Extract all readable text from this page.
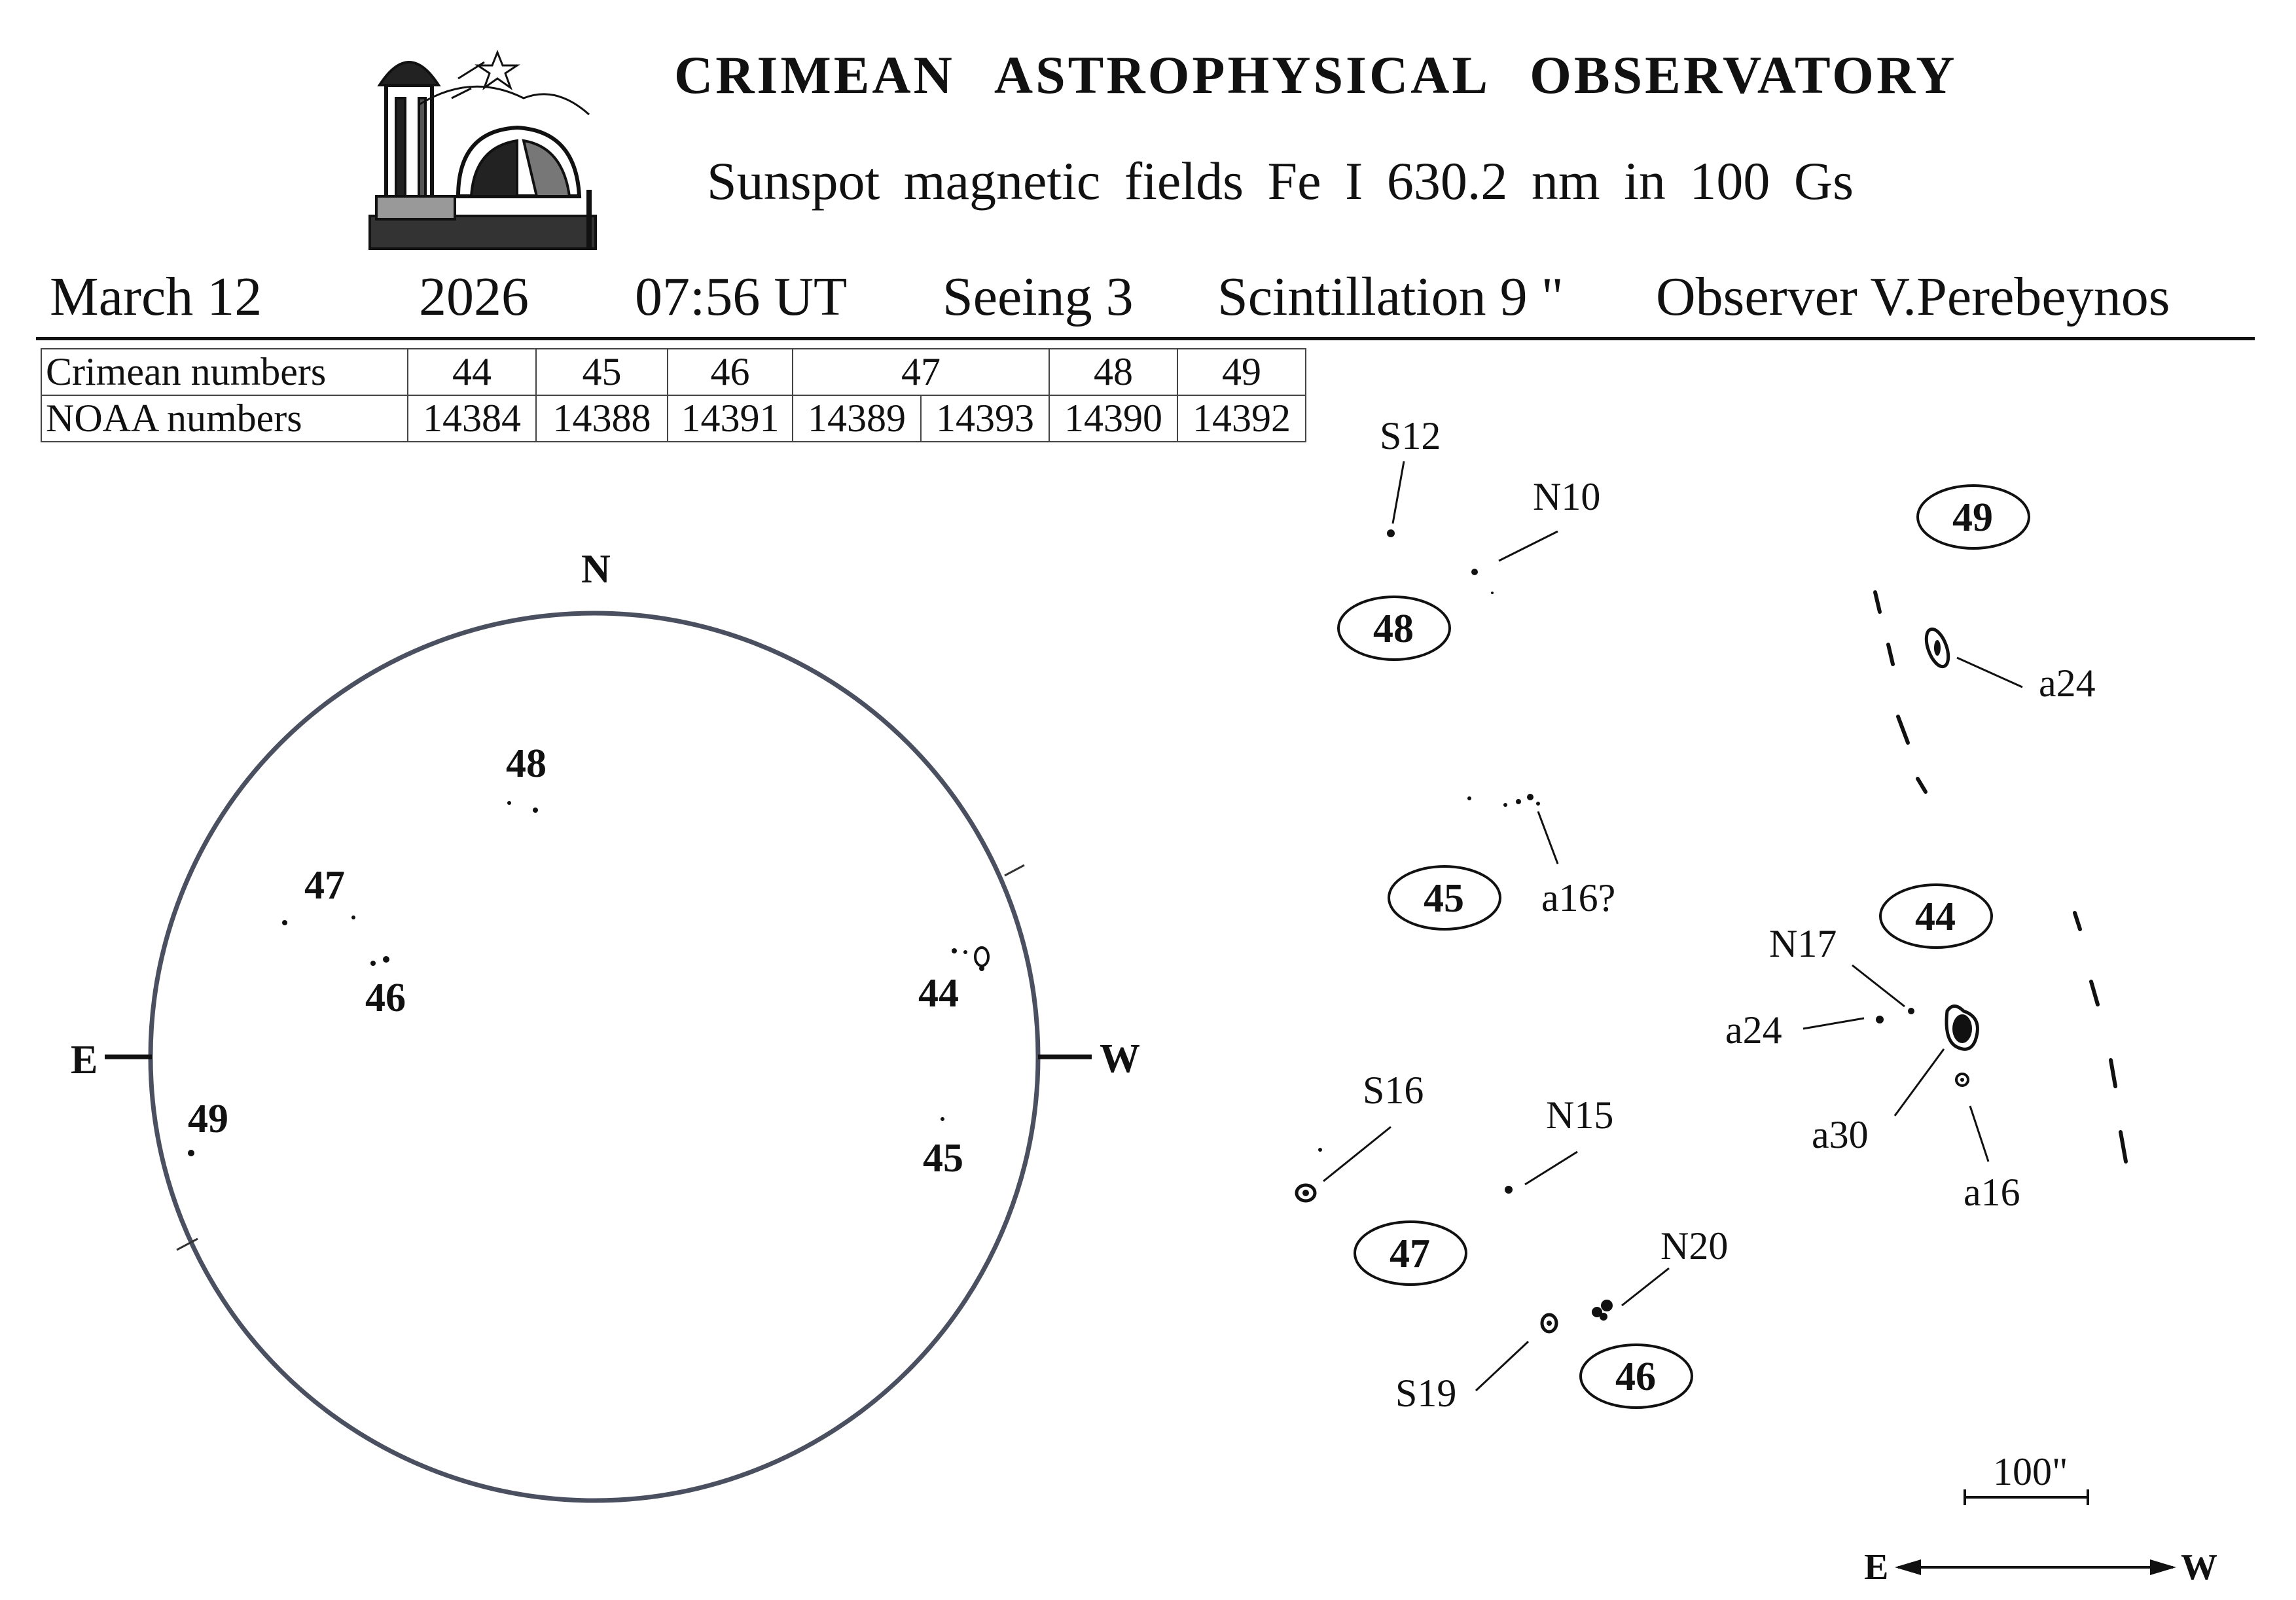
CRIMEAN ASTROPHYSICAL OBSERVATORY
Sunspot magnetic fields Fe I 630.2 nm in 100 Gs
March 12	2026 07:56 UT Seeing 3 Scintillation 9 " Observer V.Perebeynos
Crimean numbers	44	45	46	47		48	49
NOAA numbers	14384	14388	14391	14389	14393	14390	14392
N
E	W
48
47
46	44
49
45
48
49
45	44
47
46
S12
N10
a24
a16?
N17
a24
a30
a16
S16
N15
N20
S19
100"
E	W
